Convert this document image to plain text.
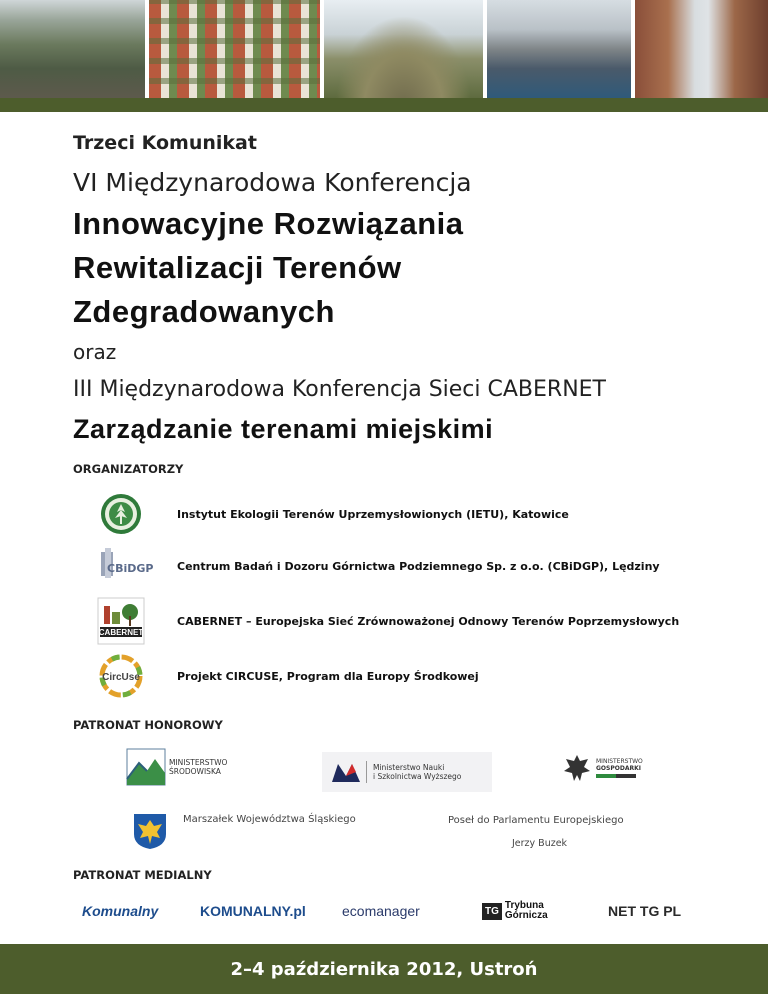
Trzeci Komunikat
VI Międzynarodowa Konferencja
Innowacyjne Rozwiązania
Rewitalizacji Terenów
Zdegradowanych
oraz
III Międzynarodowa Konferencja Sieci CABERNET
Zarządzanie terenami miejskimi
ORGANIZATORZY
Instytut Ekologii Terenów Uprzemysłowionych (IETU), Katowice
CBiDGP Centrum Badań i Dozoru Górnictwa Podziemnego Sp. z o.o. (CBiDGP), Lędziny
CABERNET
CABERNET – Europejska Sieć Zrównoważonej Odnowy Terenów Poprzemysłowych
CircUse	Projekt CIRCUSE, Program dla Europy Środkowej
PATRONAT HONOROWY
MINISTERSTWO
ŚRODOWISKA	Ministerstwo Nauki
i Szkolnictwa Wyższego
MINISTERSTWO
GOSPODARKI
Marszałek Województwa Śląskiego	Poseł do Parlamentu Europejskiego
Jerzy Buzek
PATRONAT MEDIALNY
Komunalny	KOMUNALNY.pl	ecomanager	TG Trybuna Górnicza	NET TG PL
2–4 października 2012, Ustroń
